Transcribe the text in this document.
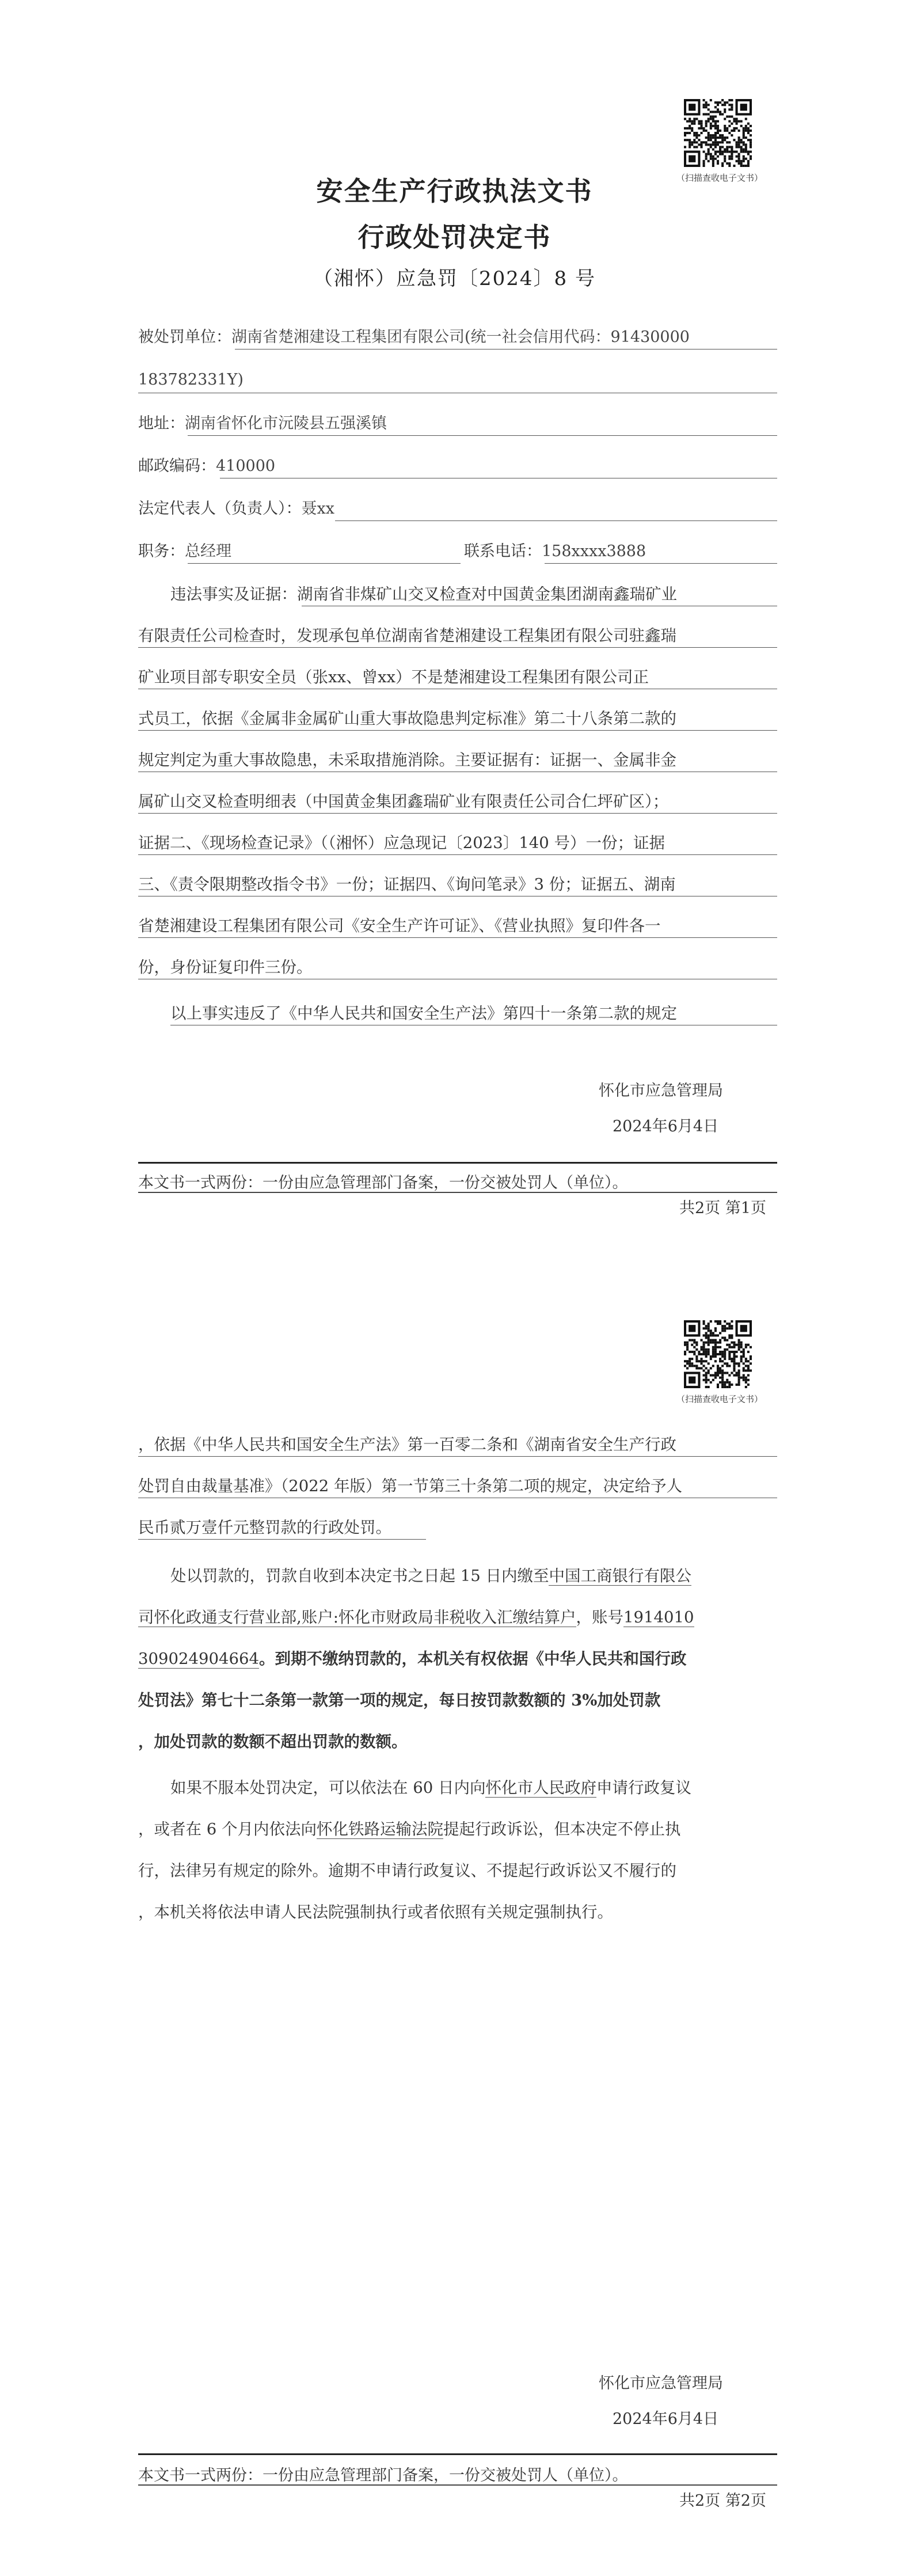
（扫描查收电子文书）
安全生产行政执法文书
行政处罚决定书
（湘怀）应急罚〔2024〕8 号
被处罚单位：湖南省楚湘建设工程集团有限公司(统一社会信用代码：91430000
183782331Y)
地址：湖南省怀化市沅陵县五强溪镇
邮政编码：410000
法定代表人（负责人）：聂xx
职务：总经理	联系电话：158xxxx3888
违法事实及证据：湖南省非煤矿山交叉检查对中国黄金集团湖南鑫瑞矿业
有限责任公司检查时，发现承包单位湖南省楚湘建设工程集团有限公司驻鑫瑞
矿业项目部专职安全员（张xx、曾xx）不是楚湘建设工程集团有限公司正
式员工，依据《金属非金属矿山重大事故隐患判定标准》第二十八条第二款的
规定判定为重大事故隐患，未采取措施消除。主要证据有：证据一、金属非金
属矿山交叉检查明细表（中国黄金集团鑫瑞矿业有限责任公司合仁坪矿区）；
证据二、《现场检查记录》（（湘怀）应急现记〔2023〕140 号）一份；证据
三、《责令限期整改指令书》一份；证据四、《询问笔录》3 份；证据五、湖南
省楚湘建设工程集团有限公司《安全生产许可证》、《营业执照》复印件各一
份，身份证复印件三份。
以上事实违反了《中华人民共和国安全生产法》第四十一条第二款的规定
怀化市应急管理局
2024年6月4日
本文书一式两份：一份由应急管理部门备案，一份交被处罚人（单位）。
共2页 第1页
（扫描查收电子文书）
，依据《中华人民共和国安全生产法》第一百零二条和《湖南省安全生产行政
处罚自由裁量基准》（2022 年版）第一节第三十条第二项的规定，决定给予人
民币贰万壹仟元整罚款的行政处罚。
处以罚款的，罚款自收到本决定书之日起 15 日内缴至中国工商银行有限公
司怀化政通支行营业部,账户:怀化市财政局非税收入汇缴结算户，账号1914010
309024904664。到期不缴纳罚款的，本机关有权依据《中华人民共和国行政
处罚法》第七十二条第一款第一项的规定，每日按罚款数额的 3%加处罚款
，加处罚款的数额不超出罚款的数额。
如果不服本处罚决定，可以依法在 60 日内向怀化市人民政府申请行政复议
，或者在 6 个月内依法向怀化铁路运输法院提起行政诉讼，但本决定不停止执
行，法律另有规定的除外。逾期不申请行政复议、不提起行政诉讼又不履行的
，本机关将依法申请人民法院强制执行或者依照有关规定强制执行。
怀化市应急管理局
2024年6月4日
本文书一式两份：一份由应急管理部门备案，一份交被处罚人（单位）。
共2页 第2页
